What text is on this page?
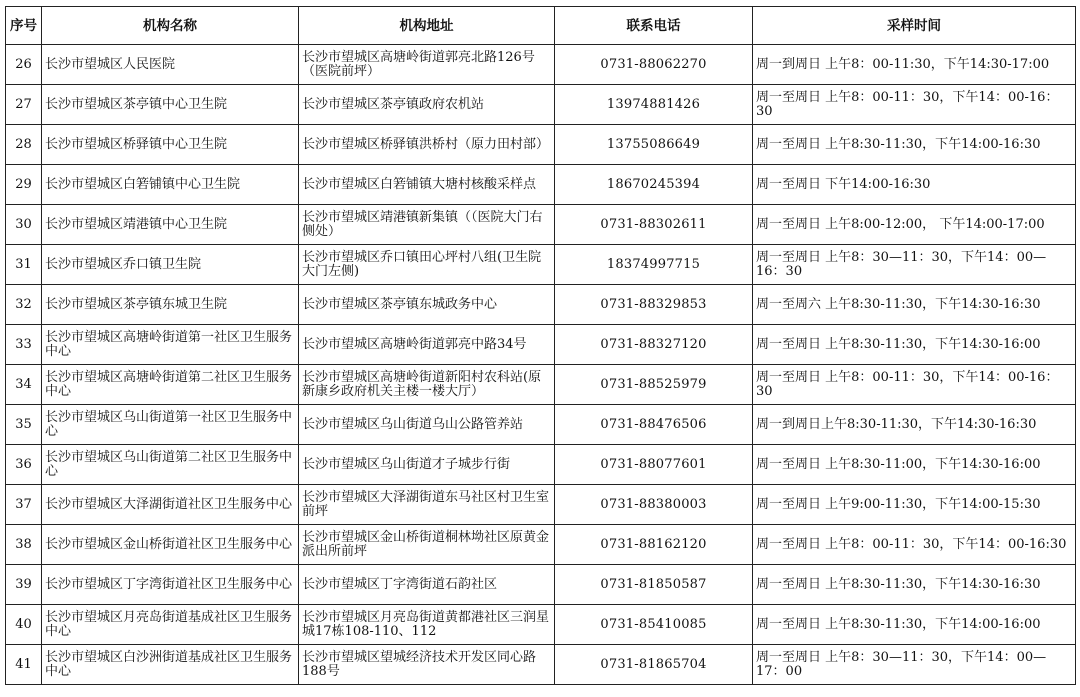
序号	机构名称	机构地址	联系电话	采样时间
26	长沙市望城区人民医院	长沙市望城区高塘岭街道郭亮北路126号（医院前坪）	0731-88062270	周一到周日 上午8：00-11:30，下午14:30-17:00
27	长沙市望城区茶亭镇中心卫生院	长沙市望城区茶亭镇政府农机站	13974881426	周一至周日 上午8：00-11：30，下午14：00-16：30
28	长沙市望城区桥驿镇中心卫生院	长沙市望城区桥驿镇洪桥村（原力田村部）	13755086649	周一至周日 上午8:30-11:30，下午14:00-16:30
29	长沙市望城区白箬铺镇中心卫生院	长沙市望城区白箬铺镇大塘村核酸采样点	18670245394	周一至周日 下午14:00-16:30
30	长沙市望城区靖港镇中心卫生院	长沙市望城区靖港镇新集镇（（医院大门右侧处）	0731-88302611	周一至周日 上午8:00-12:00， 下午14:00-17:00
31	长沙市望城区乔口镇卫生院	长沙市望城区乔口镇田心坪村八组(卫生院大门左侧)	18374997715	周一至周日 上午8：30—11：30，下午14：00—16：30
32	长沙市望城区茶亭镇东城卫生院	长沙市望城区茶亭镇东城政务中心	0731-88329853	周一至周六 上午8:30-11:30，下午14:30-16:30
33	长沙市望城区高塘岭街道第一社区卫生服务中心	长沙市望城区高塘岭街道郭亮中路34号	0731-88327120	周一至周日 上午8:30-11:30，下午14:30-16:00
34	长沙市望城区高塘岭街道第二社区卫生服务中心	长沙市望城区高塘岭街道新阳村农科站(原新康乡政府机关主楼一楼大厅）	0731-88525979	周一至周日 上午8：00-11：30，下午14：00-16：30
35	长沙市望城区乌山街道第一社区卫生服务中心	长沙市望城区乌山街道乌山公路管养站	0731-88476506	周一到周日上午8:30-11:30，下午14:30-16:30
36	长沙市望城区乌山街道第二社区卫生服务中心	长沙市望城区乌山街道才子城步行街	0731-88077601	周一至周日 上午8:30-11:00，下午14:30-16:00
37	长沙市望城区大泽湖街道社区卫生服务中心	长沙市望城区大泽湖街道东马社区村卫生室前坪	0731-88380003	周一至周日 上午9:00-11:30，下午14:00-15:30
38	长沙市望城区金山桥街道社区卫生服务中心	长沙市望城区金山桥街道桐林坳社区原黄金派出所前坪	0731-88162120	周一至周日 上午8：00-11：30，下午14：00-16:30
39	长沙市望城区丁字湾街道社区卫生服务中心	长沙市望城区丁字湾街道石韵社区	0731-81850587	周一至周日 上午8:30-11:30，下午14:30-16:30
40	长沙市望城区月亮岛街道基成社区卫生服务中心	长沙市望城区月亮岛街道黄都港社区三润星城17栋108-110、112	0731-85410085	周一至周日 上午8:30-11:30，下午14:00-16:00
41	长沙市望城区白沙洲街道基成社区卫生服务中心	长沙市望城区望城经济技术开发区同心路188号	0731-81865704	周一至周日 上午8：30—11：30，下午14：00—17：00
